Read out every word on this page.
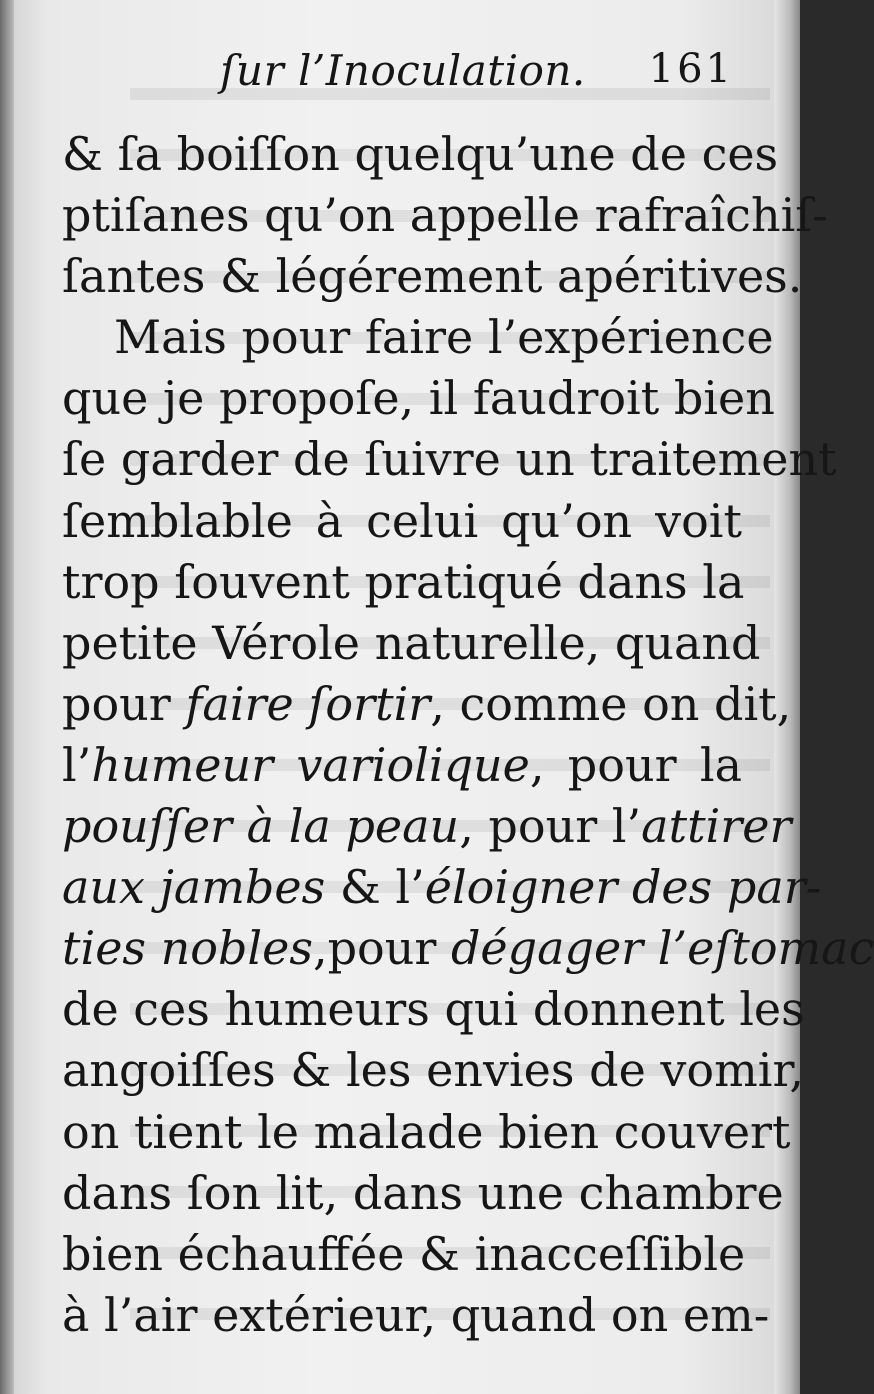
ſur l’Inoculation. 161
& ſa boiſſon quelqu’une de ces
ptiſanes qu’on appelle rafraîchiſ-
ſantes & légérement apéritives.
Mais pour faire l’expérience
que je propoſe, il faudroit bien
ſe garder de ſuivre un traitement
ſemblable à celui qu’on voit
trop ſouvent pratiqué dans la
petite Vérole naturelle, quand
pour faire ſortir, comme on dit,
l’humeur variolique, pour la
pouſſer à la peau, pour l’attirer
aux jambes & l’éloigner des par-
ties nobles,pour dégager l’eſtomac
de ces humeurs qui donnent les
angoiſſes & les envies de vomir,
on tient le malade bien couvert
dans ſon lit, dans une chambre
bien échauffée & inacceſſible
à l’air extérieur, quand on em-
